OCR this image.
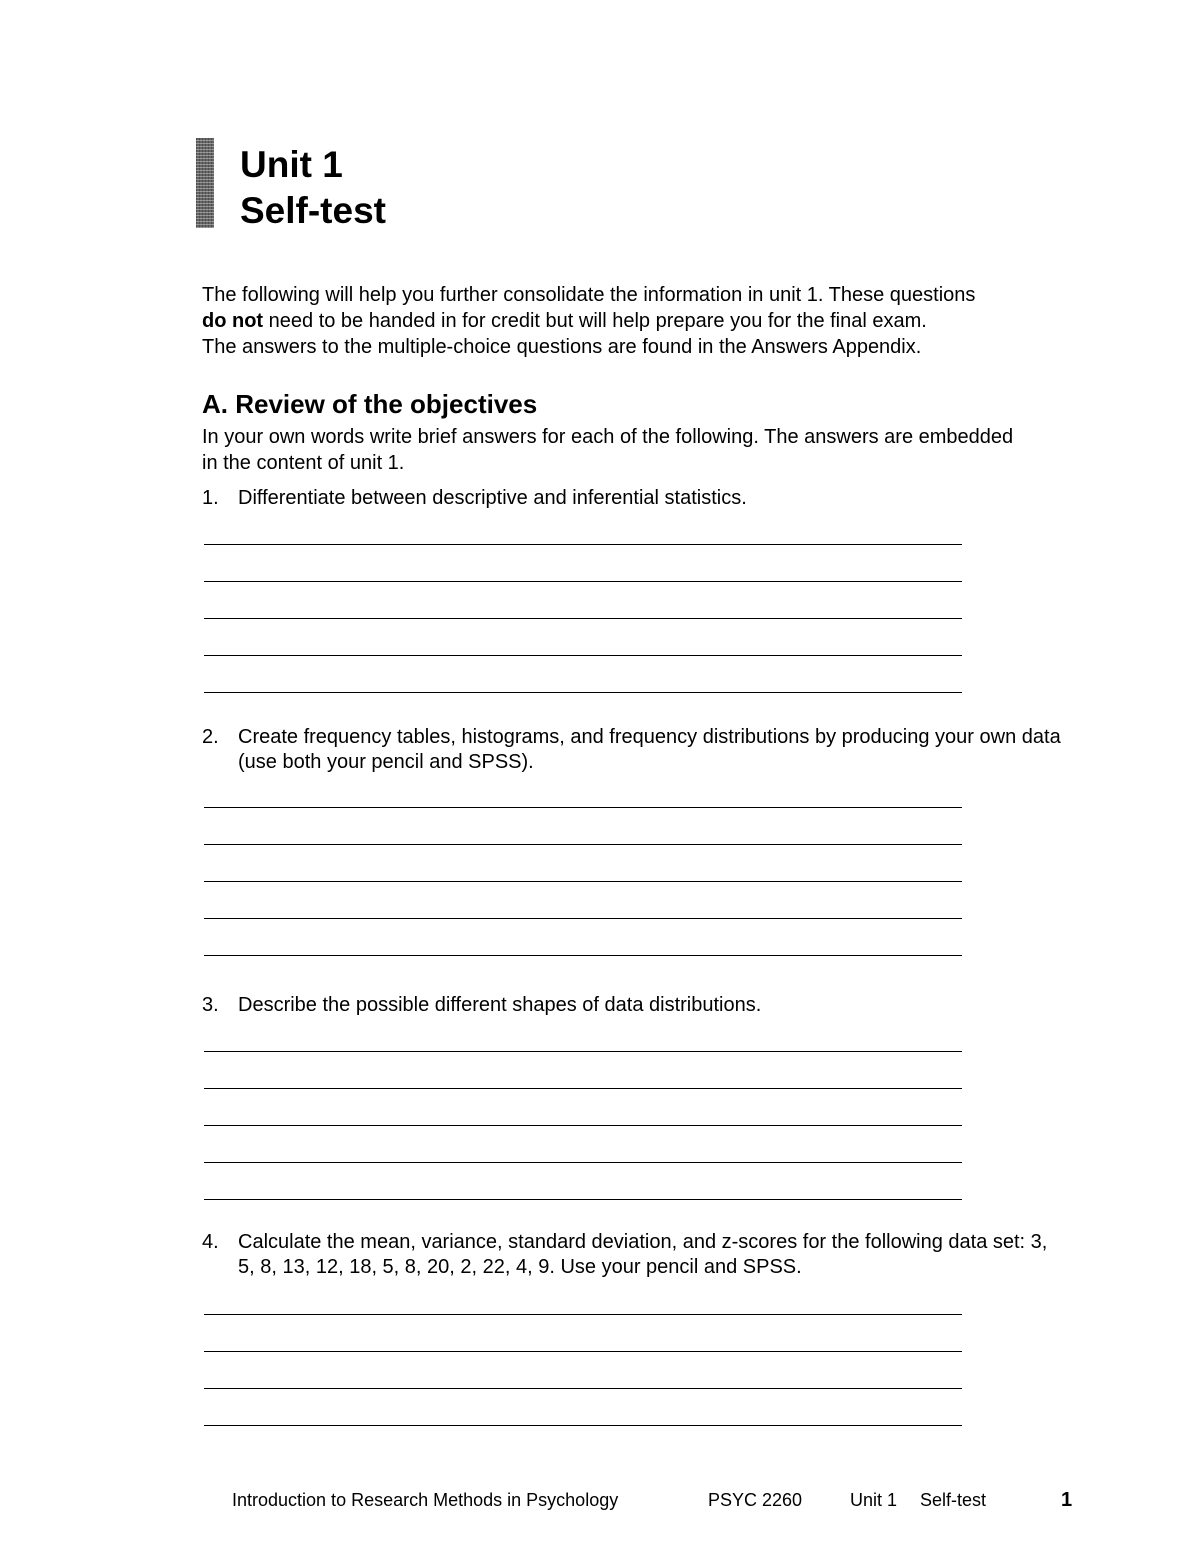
Unit 1
Self-test

The following will help you further consolidate the information in unit 1. These questions
do not need to be handed in for credit but will help prepare you for the final exam.
The answers to the multiple-choice questions are found in the Answers Appendix.

A. Review of the objectives

In your own words write brief answers for each of the following. The answers are embedded in the content of unit 1.

1. Differentiate between descriptive and inferential statistics.
2. Create frequency tables, histograms, and frequency distributions by producing your own data (use both your pencil and SPSS).
3. Describe the possible different shapes of data distributions.
4. Calculate the mean, variance, standard deviation, and z-scores for the following data set: 3, 5, 8, 13, 12, 18, 5, 8, 20, 2, 22, 4, 9. Use your pencil and SPSS.
Introduction to Research Methods in Psychology	PSYC 2260	Unit 1 Self-test	1
